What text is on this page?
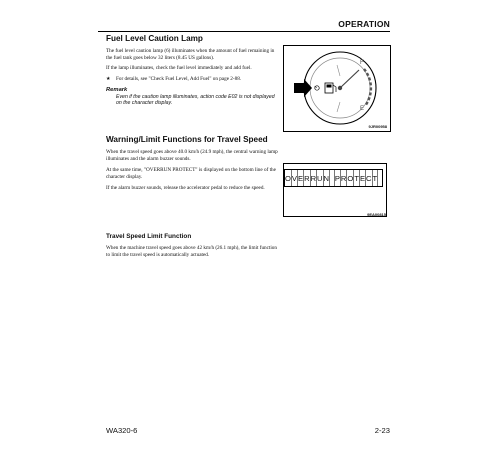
OPERATION
Fuel Level Caution Lamp

The fuel level caution lamp (6) illuminates when the amount of fuel remaining in the fuel tank goes below 32 liters (8.45 US gallons).

If the lamp illuminates, check the fuel level immediately and add fuel.

★	For details, see "Check Fuel Level, Add Fuel" on page 2-88.

Remark

Even if the caution lamp illuminates, action code E02 is not displayed on the character display.

F
E
9JR00958
Warning/Limit Functions for Travel Speed

When the travel speed goes above 40.0 km/h (24.9 mph), the central warning lamp illuminates and the alarm buzzer sounds.

At the same time, "OVERRUN PROTECT" is displayed on the bottom line of the character display.

If the alarm buzzer sounds, release the accelerator pedal to reduce the speed.

O V E R R U N P R O T E C T
9EA00815
Travel Speed Limit Function

When the machine travel speed goes above 42 km/h (26.1 mph), the limit function to limit the travel speed is automatically actuated.

WA320-6	2-23
